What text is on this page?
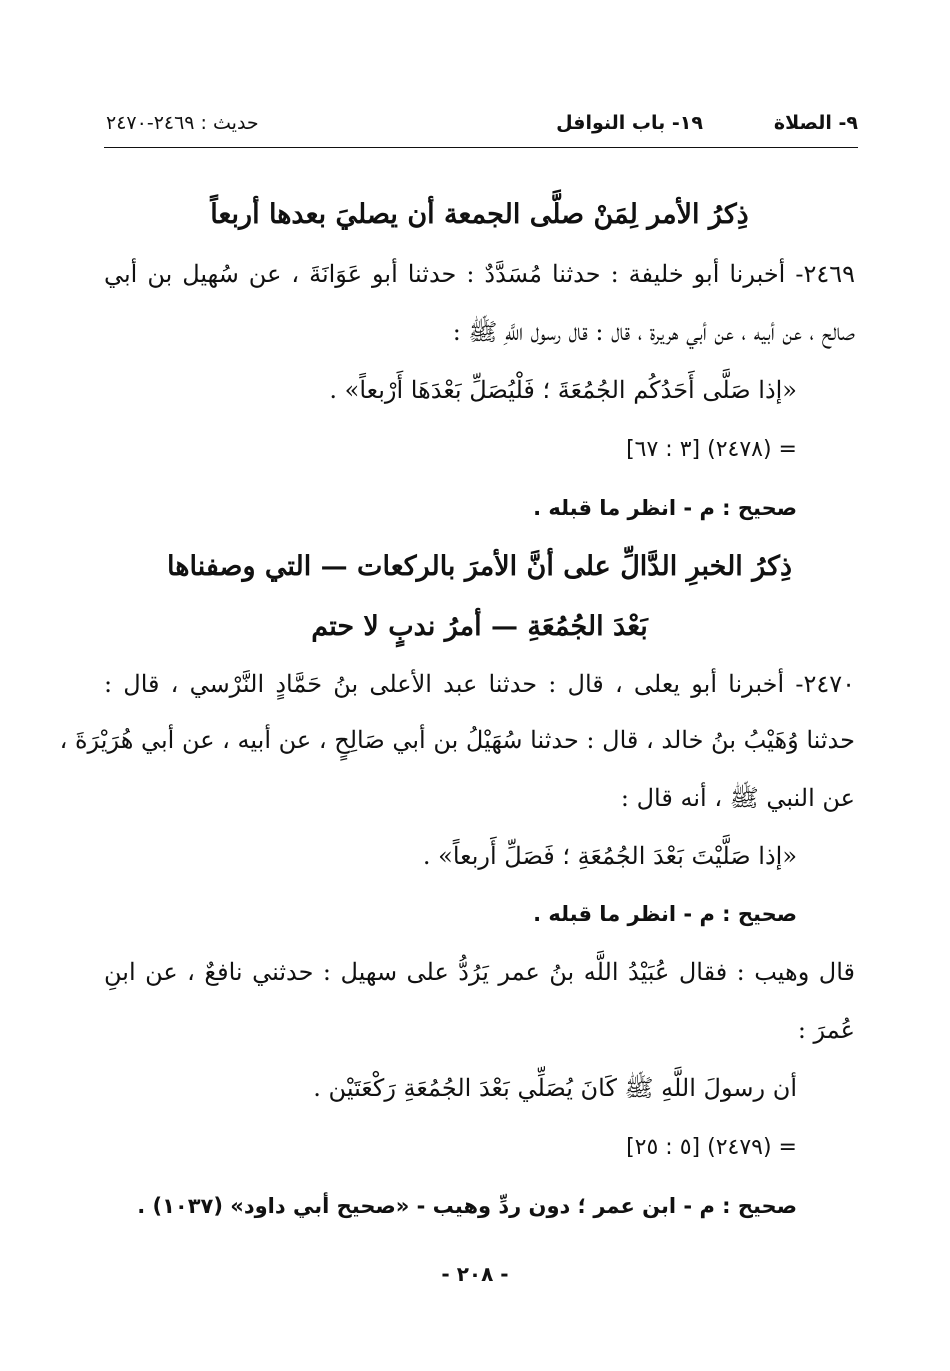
٩- الصلاة
١٩- باب النوافل
حديث : ٢٤٦٩-٢٤٧٠
ذِكرُ الأمر لِمَنْ صلَّى الجمعة أن يصليَ بعدها أربعاً
٢٤٦٩- أخبرنا أبو خليفة : حدثنا مُسَدَّدٌ : حدثنا أبو عَوَانَةَ ، عن سُهيل بن أبي
صالح ، عن أبيه ، عن أبي هريرة ، قال : قال رسول اللَّهِ ﷺ :
«إذا صَلَّى أَحَدُكُم الجُمُعَةَ ؛ فَلْيُصَلِّ بَعْدَهَا أَرْبعاً» .
= (٢٤٧٨) [٣ : ٦٧]
صحيح : م - انظر ما قبله .
ذِكرُ الخبرِ الدَّالِّ على أنَّ الأمرَ بالركعات — التي وصفناها
بَعْدَ الجُمُعَةِ — أمرُ ندبٍ لا حتم
٢٤٧٠- أخبرنا أبو يعلى ، قال : حدثنا عبد الأعلى بنُ حَمَّادٍ النَّرْسي ، قال :
حدثنا وُهَيْبُ بنُ خالد ، قال : حدثنا سُهَيْلُ بن أبي صَالِحٍ ، عن أبيه ، عن أبي هُرَيْرَةَ ،
عن النبي ﷺ ، أنه قال :
«إذا صَلَّيْتَ بَعْدَ الجُمُعَةِ ؛ فَصَلِّ أَربعاً» .
صحيح : م - انظر ما قبله .
قال وهيب : فقال عُبَيْدُ اللَّه بنُ عمر يَرُدُّ على سهيل : حدثني نافعٌ ، عن ابنِ
عُمرَ :
أن رسولَ اللَّهِ ﷺ كَانَ يُصَلِّي بَعْدَ الجُمُعَةِ رَكْعَتَيْن .
= (٢٤٧٩) [٥ : ٢٥]
صحيح : م - ابن عمر ؛ دون ردِّ وهيب - «صحيح أبي داود» (١٠٣٧) .
- ٢٠٨ -
